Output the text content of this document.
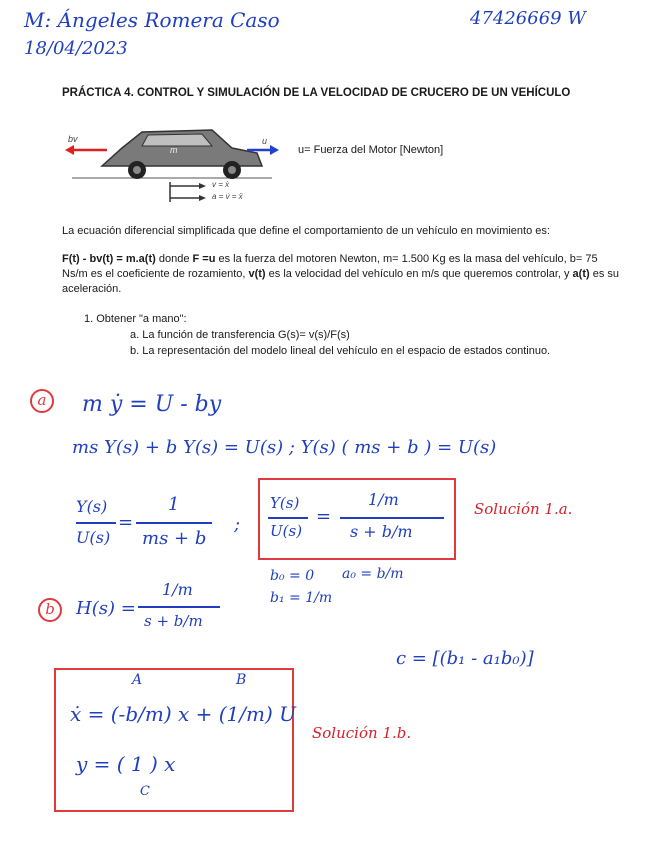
M: Ángeles Romera Caso
18/04/2023
47426669 W
PRÁCTICA 4. CONTROL Y SIMULACIÓN DE LA VELOCIDAD DE CRUCERO DE UN VEHÍCULO
bv	u
m
v = ẋ
a = v̇ = ẍ
u= Fuerza del Motor [Newton]
La ecuación diferencial simplificada que define el comportamiento de un vehículo en movimiento es:
F(t) - bv(t) = m.a(t) donde F =u es la fuerza del motoren Newton, m= 1.500 Kg es la masa del vehículo, b= 75 Ns/m es el coeficiente de rozamiento, v(t) es la velocidad del vehículo en m/s que queremos controlar, y a(t) es su aceleración.
1. Obtener "a mano":
a. La función de transferencia G(s)= v(s)/F(s)
b. La representación del modelo lineal del vehículo en el espacio de estados continuo.
a	m ẏ = U - by
ms Y(s) + b Y(s) = U(s) ; Y(s) ( ms + b ) = U(s)
Y(s)
U(s)
=
1
ms + b
;
Y(s)
U(s)
=
1/m
s + b/m
Solución 1.a.
b₀ = 0 a₀ = b/m
b₁ = 1/m
b	H(s) =
1/m
s + b/m
c = [(b₁ - a₁b₀)]
A	B
ẋ = (-b/m) x + (1/m) U
y = ( 1 ) x
C
Solución 1.b.
